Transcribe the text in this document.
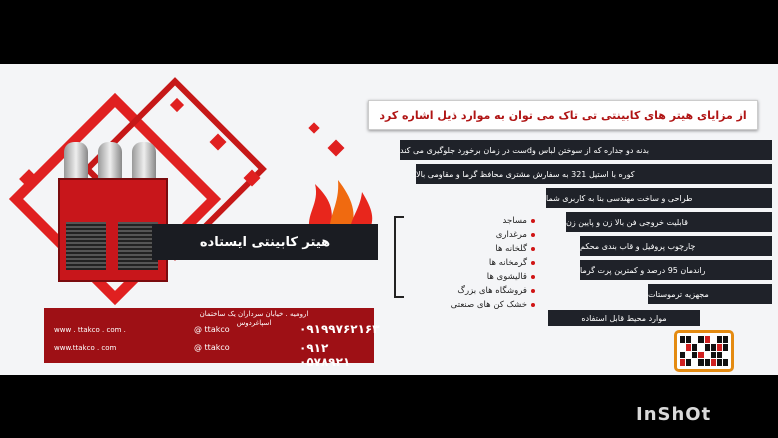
هیتر کابینتی ایستاده
از مزایای هیتر های کابینتی تی تاک می توان به موارد ذیل اشاره کرد
بدنه دو جداره که از سوختن لباس وdست در زمان برخورد جلوگیری می کند
کوره با استیل 321 به سفارش مشتری محافظ گرما و مقاومی بالا
طراحی و ساخت مهندسی بنا به کاربری شما
قابلیت خروجی فن بالا زن و پایین زن
چارچوب پروفیل و قاب بندی محکم
راندمان 95 درصد و کمترین پرت گرما
مجهزیه ترموستات
مساجد
مرغداری
گلخانه ها
گرمخانه ها
قالیشوی ها
فروشگاه های بزرگ
خشک کن های صنعتی
ارومیه . خیابان سرداران یک ساختمان اسپاغردوس
www . ttakco . com .
www.ttakco . com
@ ttakco
@ ttakco
۰۹۱۹۹۷۶۲۱۶۳
۰۹۱۲ ۰۵۷۸۹۲۱
موارد محیط قابل استفاده
InShOt
